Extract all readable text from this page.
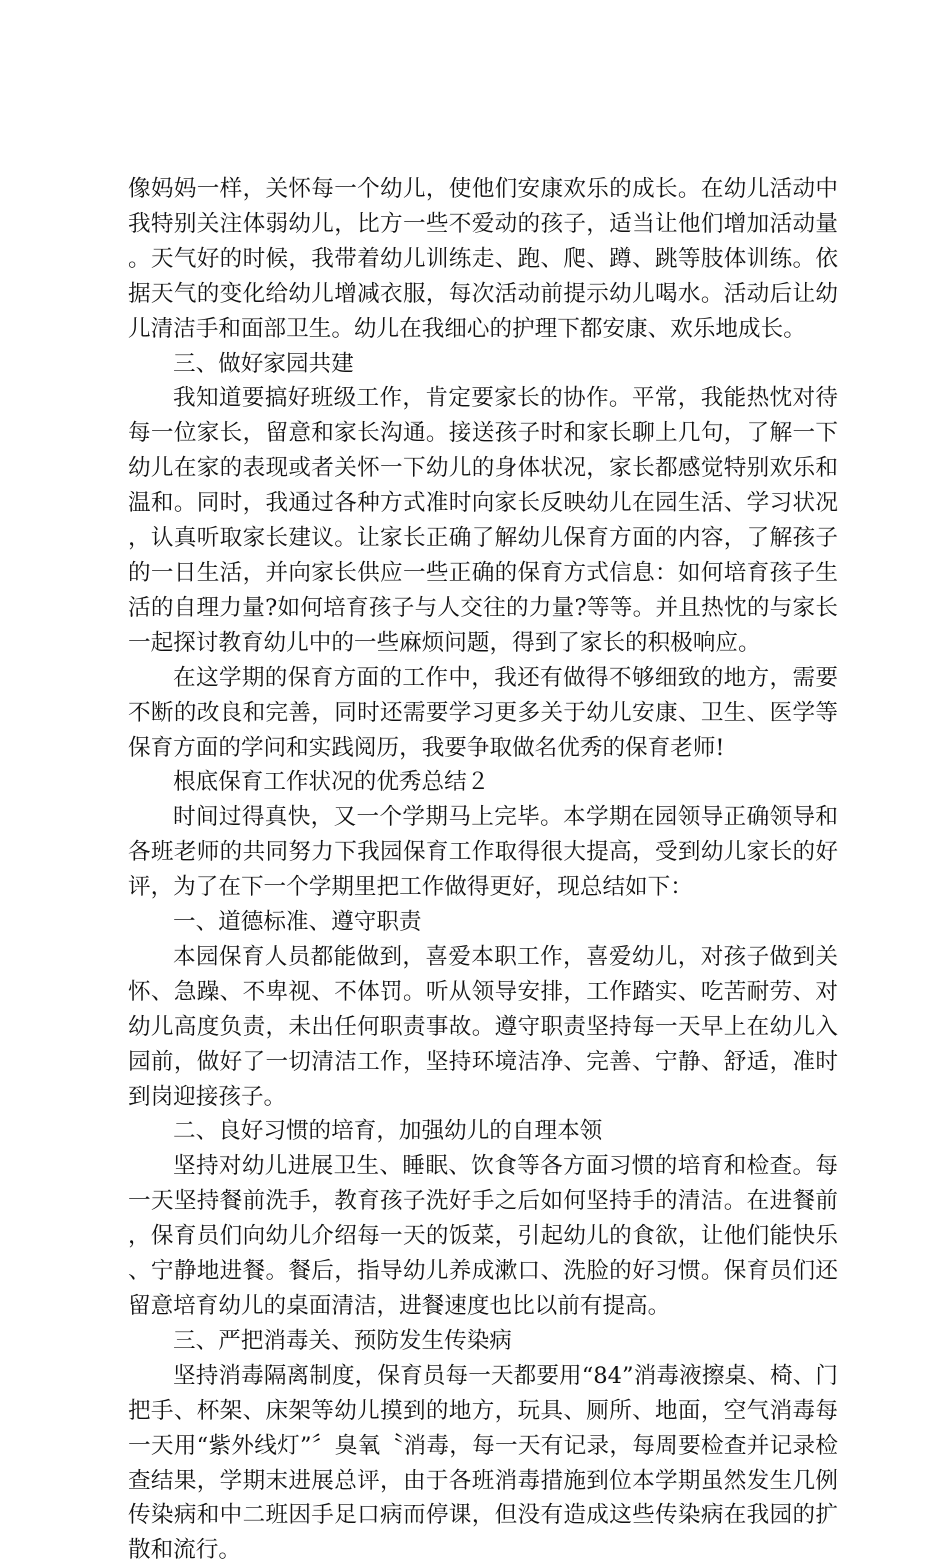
像妈妈一样，关怀每一个幼儿，使他们安康欢乐的成长。在幼儿活动中我特别关注体弱幼儿，比方一些不爱动的孩子，适当让他们增加活动量。天气好的时候，我带着幼儿训练走、跑、爬、蹲、跳等肢体训练。依据天气的变化给幼儿增减衣服，每次活动前提示幼儿喝水。活动后让幼儿清洁手和面部卫生。幼儿在我细心的护理下都安康、欢乐地成长。

三、做好家园共建

我知道要搞好班级工作，肯定要家长的协作。平常，我能热忱对待每一位家长，留意和家长沟通。接送孩子时和家长聊上几句，了解一下幼儿在家的表现或者关怀一下幼儿的身体状况，家长都感觉特别欢乐和温和。同时，我通过各种方式准时向家长反映幼儿在园生活、学习状况，认真听取家长建议。让家长正确了解幼儿保育方面的内容，了解孩子的一日生活，并向家长供应一些正确的保育方式信息：如何培育孩子生活的自理力量?如何培育孩子与人交往的力量?等等。并且热忱的与家长一起探讨教育幼儿中的一些麻烦问题，得到了家长的积极响应。

在这学期的保育方面的工作中，我还有做得不够细致的地方，需要不断的改良和完善，同时还需要学习更多关于幼儿安康、卫生、医学等保育方面的学问和实践阅历，我要争取做名优秀的保育老师!

根底保育工作状况的优秀总结２

时间过得真快，又一个学期马上完毕。本学期在园领导正确领导和各班老师的共同努力下我园保育工作取得很大提高，受到幼儿家长的好评，为了在下一个学期里把工作做得更好，现总结如下：

一、道德标准、遵守职责

本园保育人员都能做到，喜爱本职工作，喜爱幼儿，对孩子做到关怀、急躁、不卑视、不体罚。听从领导安排，工作踏实、吃苦耐劳、对幼儿高度负责，未出任何职责事故。遵守职责坚持每一天早上在幼儿入园前，做好了一切清洁工作，坚持环境洁净、完善、宁静、舒适，准时到岗迎接孩子。

二、良好习惯的培育，加强幼儿的自理本领

坚持对幼儿进展卫生、睡眠、饮食等各方面习惯的培育和检查。每一天坚持餐前洗手，教育孩子洗好手之后如何坚持手的清洁。在进餐前，保育员们向幼儿介绍每一天的饭菜，引起幼儿的食欲，让他们能快乐、宁静地进餐。餐后，指导幼儿养成漱口、洗脸的好习惯。保育员们还留意培育幼儿的桌面清洁，进餐速度也比以前有提高。

三、严把消毒关、预防发生传染病

坚持消毒隔离制度，保育员每一天都要用“84”消毒液擦桌、椅、门把手、杯架、床架等幼儿摸到的地方，玩具、厕所、地面，空气消毒每一天用“紫外线灯”〞臭氧〝消毒，每一天有记录，每周要检查并记录检查结果，学期末进展总评，由于各班消毒措施到位本学期虽然发生几例传染病和中二班因手足口病而停课，但没有造成这些传染病在我园的扩散和流行。
